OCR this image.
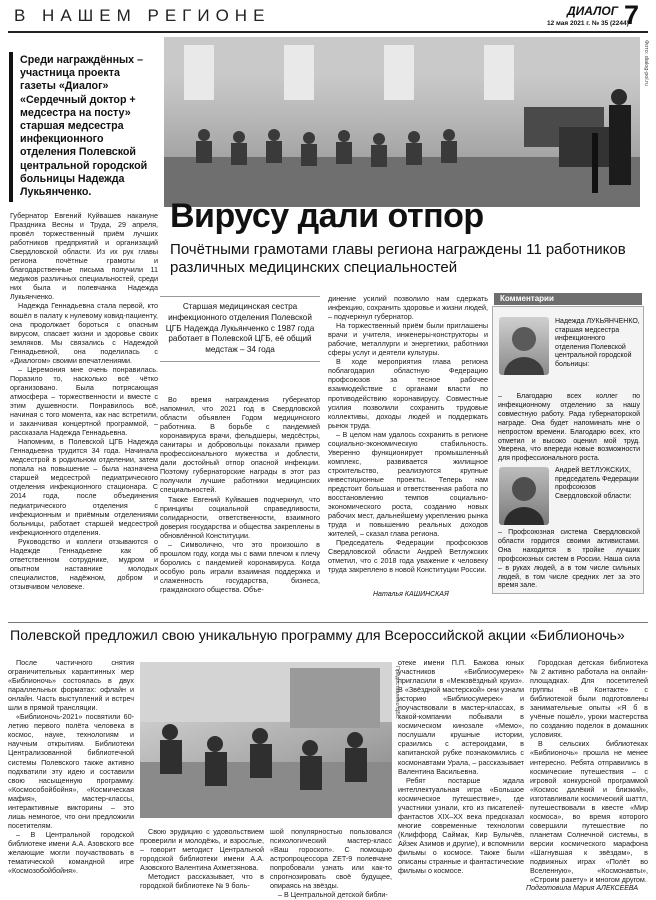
В НАШЕМ РЕГИОНЕ	ДИАЛОГ
12 мая 2021 г. № 35 (2244)
7
Среди награждённых – участница проекта газеты «Диалог» «Сердечный доктор + медсестра на посту» старшая медсестра инфекционного отделения Полевской центральной городской больницы Надежда Лукьянченко.
Фото: dialog-pol.ru
Вирусу дали отпор
Почётными грамотами главы региона награждены 11 работников различных медицинских специальностей

Губернатор Евгений Куйвашев накануне Праздника Весны и Труда, 29 апреля, провёл торжественный приём лучших работников предприятий и организаций Свердловской области. Из их рук главы региона почётные грамоты и благодарственные письма получили 11 медиков различных специальностей, среди них была и полевчанка Надежда Лукьянченко.

Надежда Геннадьевна стала первой, кто вошёл в палату к нулевому ковид-пациенту, она продолжает бороться с опасным вирусом, спасает жизни и здоровье своих земляков. Мы связались с Надеждой Геннадьевной, она поделилась с «Диалогом» своими впечатлениями.

– Церемония мне очень понравилась. Поразило то, насколько всё чётко организовано. Была потрясающая атмосфера – торжественности и вместе с этим душевности. Понравилось всё, начиная с того момента, как нас встретили, и заканчивая концертной программой, – рассказала Надежда Геннадьевна.

Напомним, в Полевской ЦГБ Надежда Геннадьевна трудится 34 года. Начинала медсестрой в родильном отделении, затем попала на повышение – была назначена старшей медсестрой педиатрического отделения инфекционного стационара. С 2014 года, после объединения педиатрического отделения с инфекционным и приёмным отделениями больницы, работает старшей медсестрой инфекционного отделения.

Руководство и коллеги отзываются о Надежде Геннадьевне как об ответственном сотруднике, мудром и опытном наставнике молодых специалистов, надёжном, добром и отзывчивом человеке.

Старшая медицинская сестра инфекционного отделения Полевской ЦГБ Надежда Лукьянченко с 1987 года работает в Полевской ЦГБ, её общий медстаж – 34 года

Во время награждения губернатор напомнил, что 2021 год в Свердловской области объявлен Годом медицинского работника. В борьбе с пандемией коронавируса врачи, фельдшеры, медсёстры, санитары и добровольцы показали пример профессионального мужества и доблести, дали достойный отпор опасной инфекции. Поэтому губернаторские награды в этот раз получили лучшие работники медицинских специальностей.

Также Евгений Куйвашев подчеркнул, что принципы социальной справедливости, солидарности, ответственности, взаимного доверия государства и общества закреплены в обновлённой Конституции.

– Символично, что это произошло в прошлом году, когда мы с вами плечом к плечу боролись с пандемией коронавируса. Когда особую роль играли взаимная поддержка и слаженность государства, бизнеса, гражданского общества. Объе-

динение усилий позволило нам сдержать инфекцию, сохранить здоровье и жизни людей, – подчеркнул губернатор.

На торжественный приём были приглашены врачи и учителя, инженеры-конструкторы и рабочие, металлурги и энергетики, работники сферы услуг и деятели культуры.

В ходе мероприятия глава региона поблагодарил областную Федерацию профсоюзов за тесное рабочее взаимодействие с органами власти по противодействию коронавирусу. Совместные усилия позволили сохранить трудовые коллективы, доходы людей и поддержать рынок труда.

– В целом нам удалось сохранить в регионе социально-экономическую стабильность. Уверенно функционирует промышленный комплекс, развивается жилищное строительство, реализуются крупные инвестиционные проекты. Теперь нам предстоит большая и ответственная работа по восстановлению темпов социально-экономического роста, созданию новых рабочих мест, дальнейшему укреплению рынка труда и повышению реальных доходов жителей, – сказал глава региона.

Председатель Федерации профсоюзов Свердловской области Андрей Ветлужских отметил, что с 2018 года уважение к человеку труда закреплено в новой Конституции России.

Комментарии
Надежда ЛУКЬЯНЧЕНКО, старшая медсестра инфекционного отделения Полевской центральной городской больницы:
– Благодарю всех коллег по инфекционному отделению за нашу совместную работу. Рада губернаторской награде. Она будет напоминать мне о непростом времени. Благодарю всех, кто отметил и высоко оценил мой труд. Уверена, что впереди новые возможности для профессионального роста.
Андрей ВЕТЛУЖСКИХ, председатель Федерации профсоюзов Свердловской области:
– Профсоюзная система Свердловской области гордится своими активистами. Она находится в тройке лучших профсоюзных систем в России. Наша сила – в руках людей, а в том числе сильных людей, в том числе средних лет за это время зале.
Наталья КАШИНСКАЯ
Полевской предложил свою уникальную программу для Всероссийской акции «Библионочь»

После частичного снятия ограничительных карантинных мер «Библионочь» состоялась в двух параллельных форматах: офлайн и онлайн. Часть выступлений и встреч шли в прямой трансляции.

«Библионочь-2021» посвятили 60-летию первого полёта человека в космос, науке, технологиям и научным открытиям. Библиотеки Централизованной библиотечной системы Полевского также активно подхватили эту идею и составили свою насыщенную программу. «Космособойбойня», «Космическая мафия», мастер-классы, интерактивные викторины – это лишь немногое, что они предложили посетителям.

– В Центральной городской библиотеке имени А.А. Азовского все желающие могли поучаствовать в тематической командной игре «Космозобойбойня».

Предоставлено ЦБС

Свою эрудицию с удовольствием проверили и молодёжь, и взрослые, – говорит методист Центральной городской библиотеки имени А.А. Азовского Валентина Ахметзянова.

Методист рассказывает, что в городской библиотеке № 9 боль-

шой популярностью пользовался психологический мастер-класс «Ваш гороскоп». С помощью астропроцессора ZET-9 полевчане попробовали узнать или как-то спрогнозировать своё будущее, опираясь на звёзды.

– В Центральной детской библи-

отеке имени П.П. Бажова юных участников «Библиосумерек» пригласили в «Межзвёздный круиз». В «Звёздной мастерской» они узнали историю «Библиосумерек» и поучаствовали в мастер-классах, в какой-компании побывали в космическом кинозале «Мемо», послушали крушные истории, сразились с астероидами, в капитанской рубке познакомились с космонавтами Урала, – рассказывает Валентина Васильевна.

Ребят постарше ждала интеллектуальная игра «Большое космическое путешествие», где участники узнали, кто из писателей-фантастов XIX–XX века предсказал многие современные технологии (Клиффорд Саймак, Кир Булычёв, Айзек Азимов и другие), и вспомнили фильмы о космосе. Также были описаны странные и фантастические фильмы о космосе.

Городская детская библиотека № 2 активно работала на онлайн-площадках. Для посетителей группы «В Контакте» с библиотекой были подготовлены занимательные опыты «Я б в учёные пошёл», уроки мастерства по созданию поделок в домашних условиях.

В сельских библиотеках «Библионочь» прошла не менее интересно. Ребята отправились в космические путешествия – с игровой конкурсной программой «Космос далёкий и близкий», изготавливали космический шаттл, путешествовали в квесте «Мир космоса», во время которого совершили путешествие по планетам Солнечной системы, в версии космического марафона «Шагнувшая к звёздам», в подвижных играх «Полёт во Вселенную», «Космонавты», «Строим ракету» и многом другом.

Подготовила Мария АЛЕКСЕЕВА
